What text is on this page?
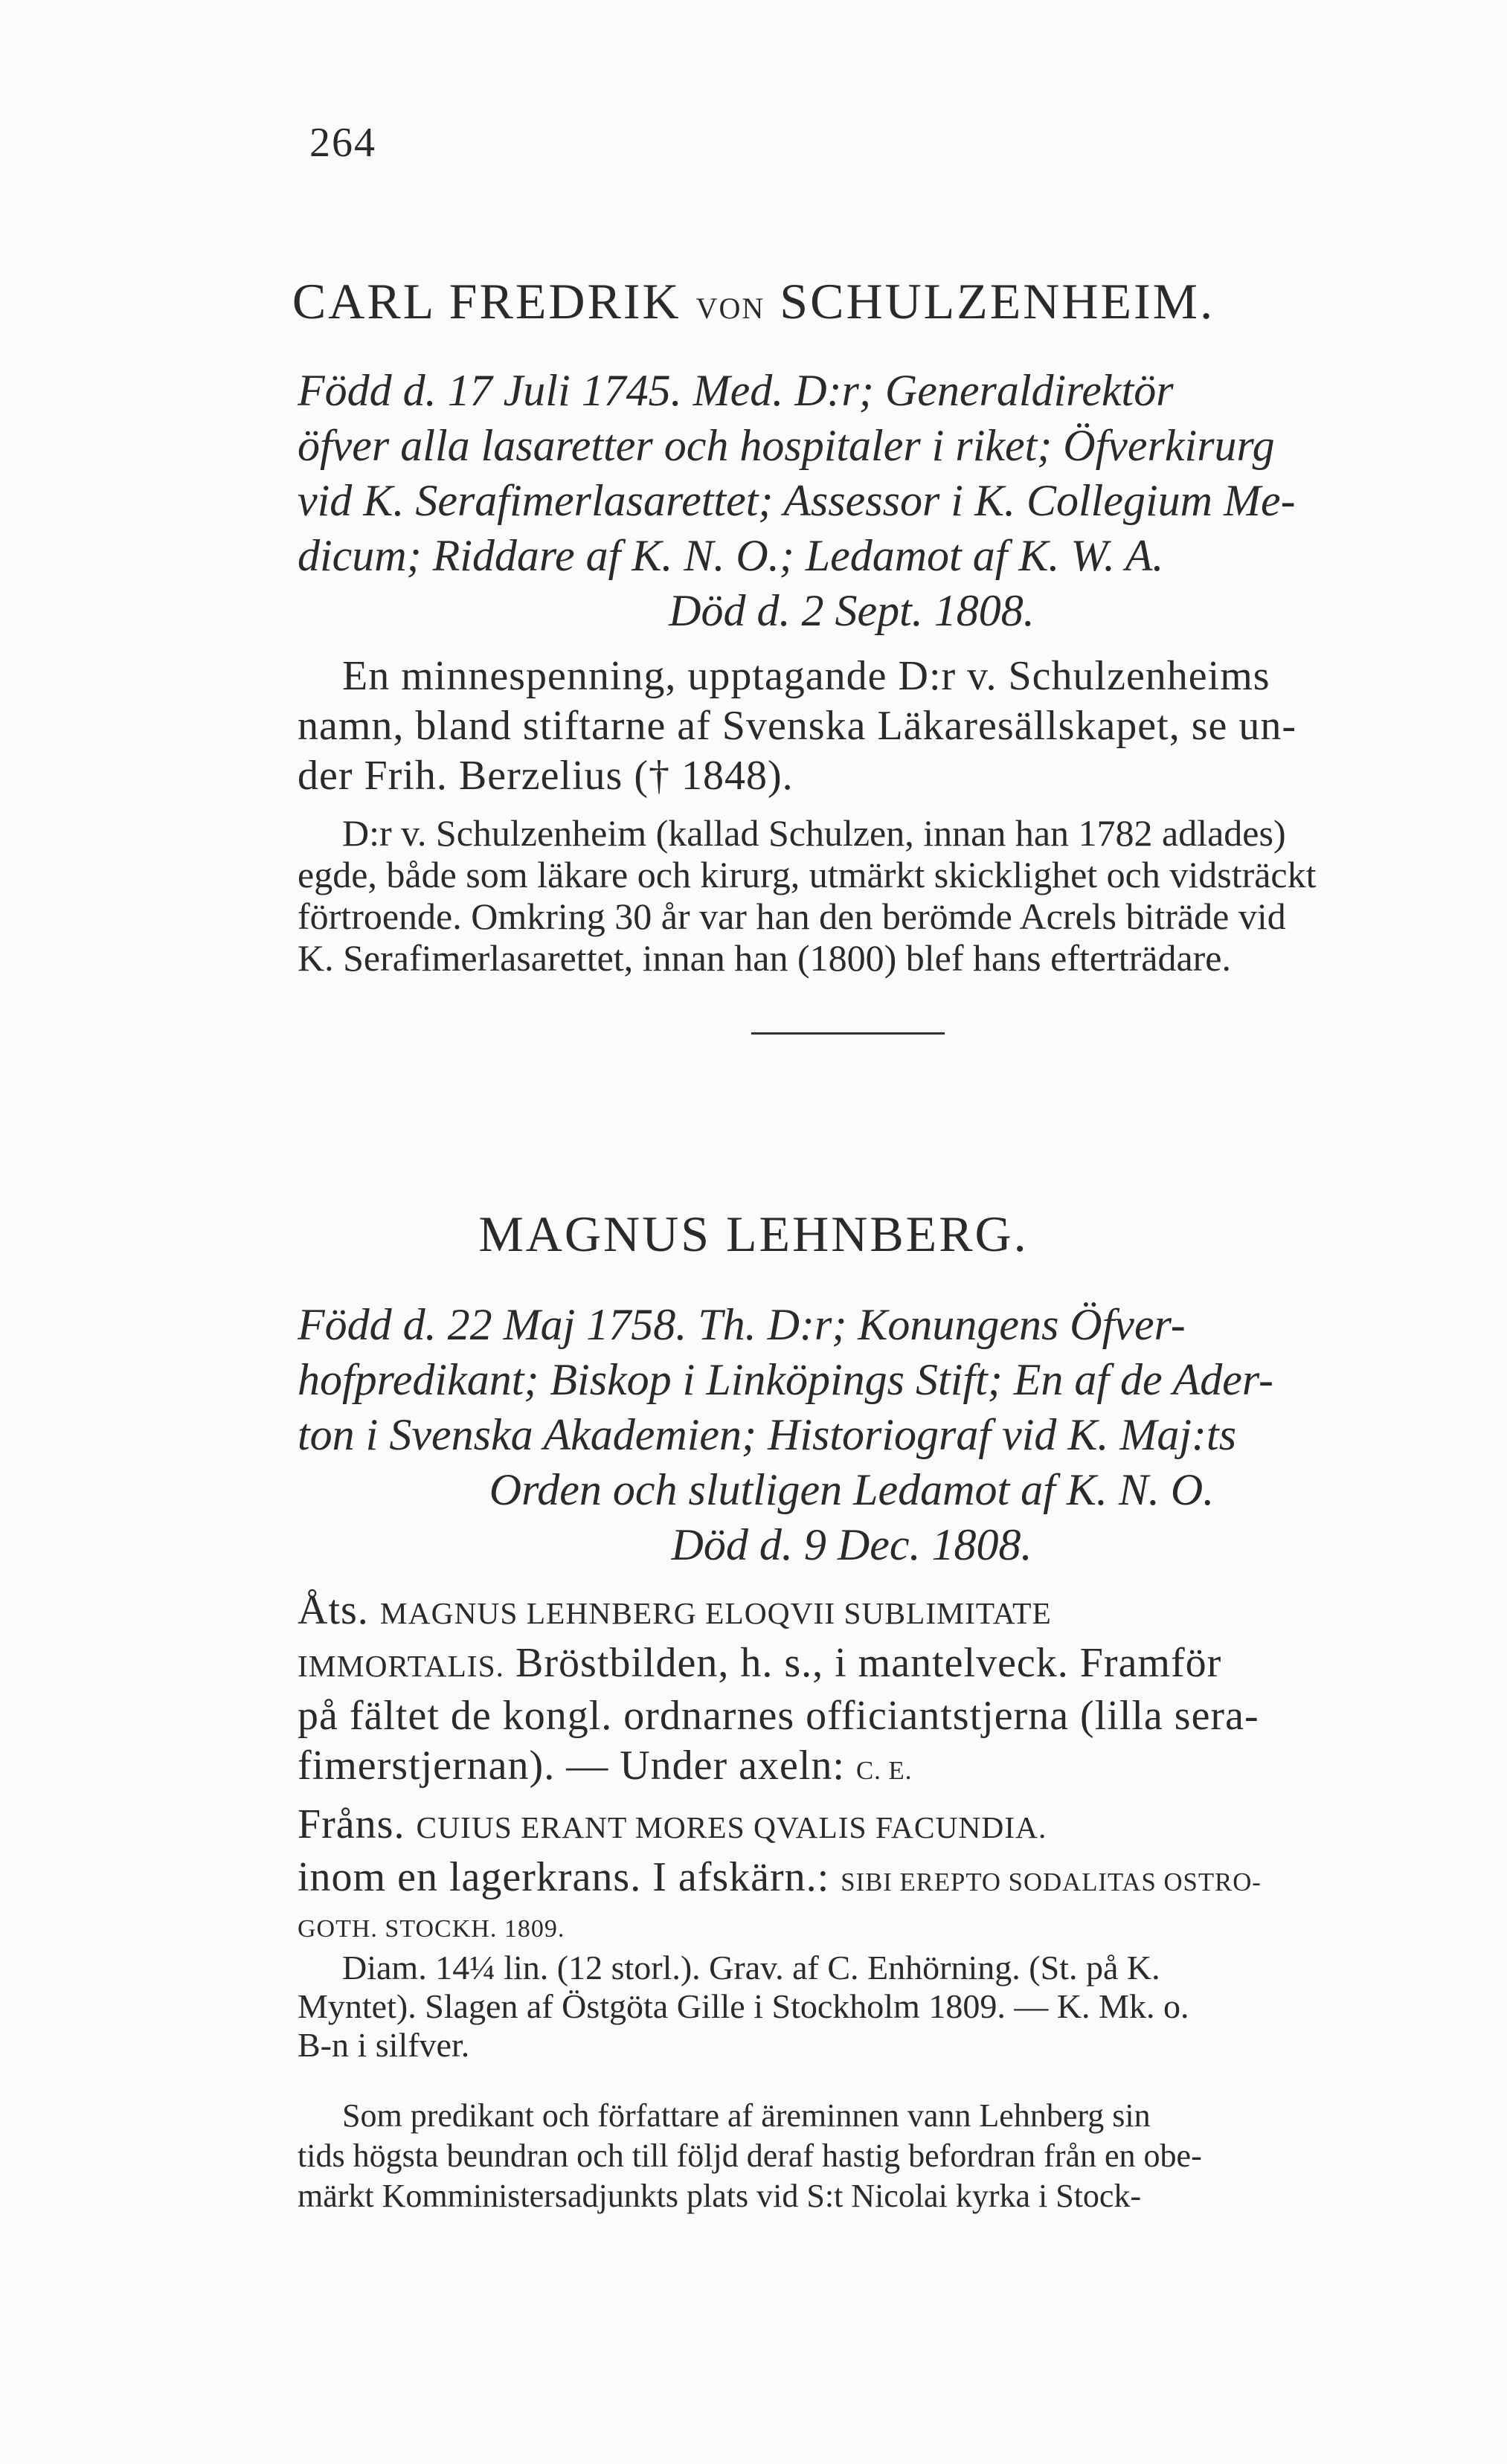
264
CARL FREDRIK VON SCHULZENHEIM.
Född d. 17 Juli 1745. Med. D:r; Generaldirektör
öfver alla lasaretter och hospitaler i riket; Öfverkirurg
vid K. Serafimerlasarettet; Assessor i K. Collegium Me-
dicum; Riddare af K. N. O.; Ledamot af K. W. A.
Död d. 2 Sept. 1808.
En minnespenning, upptagande D:r v. Schulzenheims
namn, bland stiftarne af Svenska Läkaresällskapet, se un-
der Frih. Berzelius († 1848).
D:r v. Schulzenheim (kallad Schulzen, innan han 1782 adlades)
egde, både som läkare och kirurg, utmärkt skicklighet och vidsträckt
förtroende. Omkring 30 år var han den berömde Acrels biträde vid
K. Serafimerlasarettet, innan han (1800) blef hans efterträdare.
MAGNUS LEHNBERG.
Född d. 22 Maj 1758. Th. D:r; Konungens Öfver-
hofpredikant; Biskop i Linköpings Stift; En af de Ader-
ton i Svenska Akademien; Historiograf vid K. Maj:ts
Orden och slutligen Ledamot af K. N. O.
Död d. 9 Dec. 1808.
Åts. MAGNUS LEHNBERG ELOQVII SUBLIMITATE
IMMORTALIS. Bröstbilden, h. s., i mantelveck. Framför
på fältet de kongl. ordnarnes officiantstjerna (lilla sera-
fimerstjernan). — Under axeln: C. E.
Fråns. CUIUS ERANT MORES QVALIS FACUNDIA.
inom en lagerkrans. I afskärn.: SIBI EREPTO SODALITAS OSTRO-
GOTH. STOCKH. 1809.
Diam. 14¼ lin. (12 storl.). Grav. af C. Enhörning. (St. på K.
Myntet). Slagen af Östgöta Gille i Stockholm 1809. — K. Mk. o.
B-n i silfver.
Som predikant och författare af äreminnen vann Lehnberg sin
tids högsta beundran och till följd deraf hastig befordran från en obe-
märkt Komministersadjunkts plats vid S:t Nicolai kyrka i Stock-
